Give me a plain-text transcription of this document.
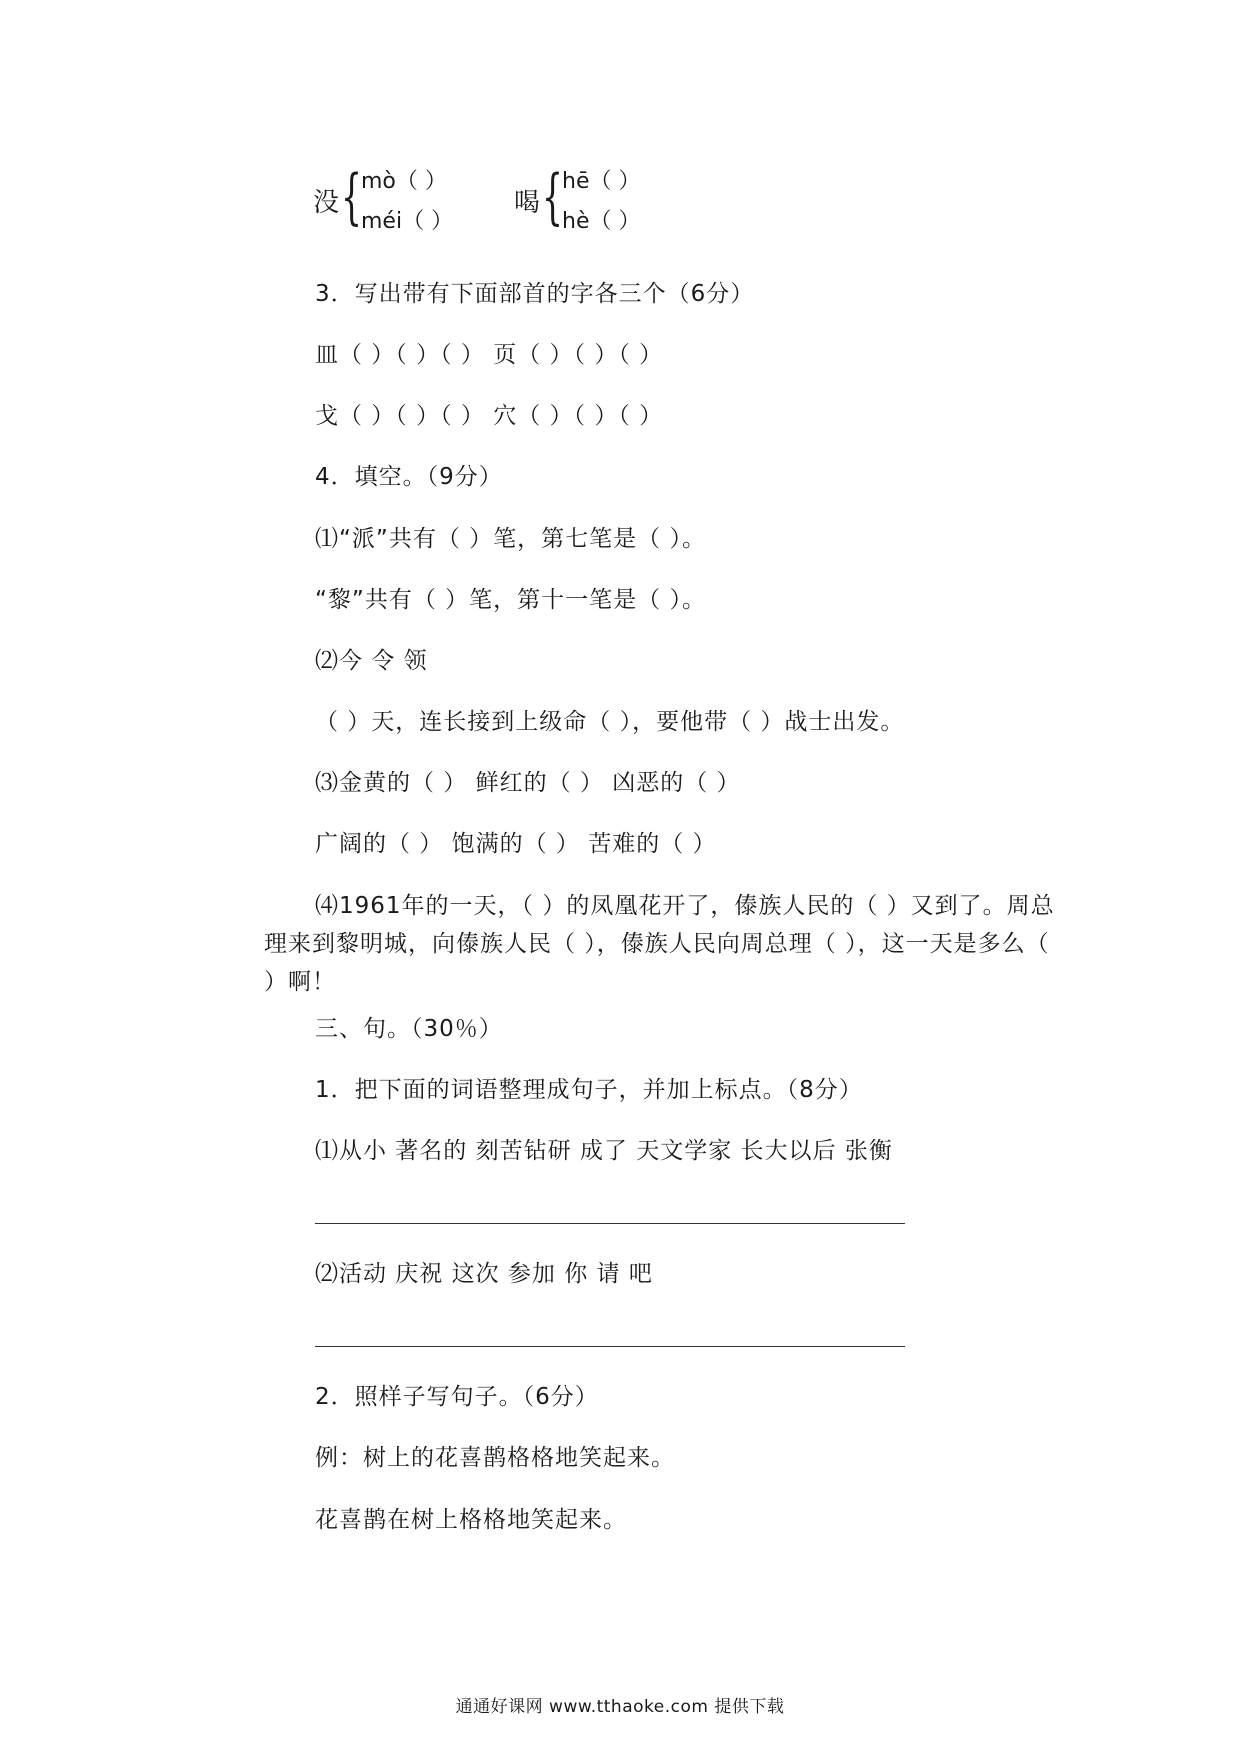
没 {
mò（ ）
méi（ ）
喝 {
hē（ ）
hè（ ）
3．写出带有下面部首的字各三个（6分）
皿（ ）（ ）（ ） 页（ ）（ ）（ ）
戈（ ）（ ）（ ） 穴（ ）（ ）（ ）
4．填空。（9分）
⑴“派”共有（ ）笔，第七笔是（ ）。
“黎”共有（ ）笔，第十一笔是（ ）。
⑵今 令 领
（ ）天，连长接到上级命（ ），要他带（ ）战士出发。
⑶金黄的（ ） 鲜红的（ ） 凶恶的（ ）
广阔的（ ） 饱满的（ ） 苦难的（ ）
⑷1961年的一天，（ ）的凤凰花开了，傣族人民的（ ）又到了。周总理来到黎明城，向傣族人民（ ），傣族人民向周总理（ ），这一天是多么（ ）啊！
三、句。（30％）
1．把下面的词语整理成句子，并加上标点。（8分）
⑴从小 著名的 刻苦钻研 成了 天文学家 长大以后 张衡
⑵活动 庆祝 这次 参加 你 请 吧
2．照样子写句子。（6分）
例：树上的花喜鹊格格地笑起来。
花喜鹊在树上格格地笑起来。
通通好课网 www.tthaoke.com 提供下载
